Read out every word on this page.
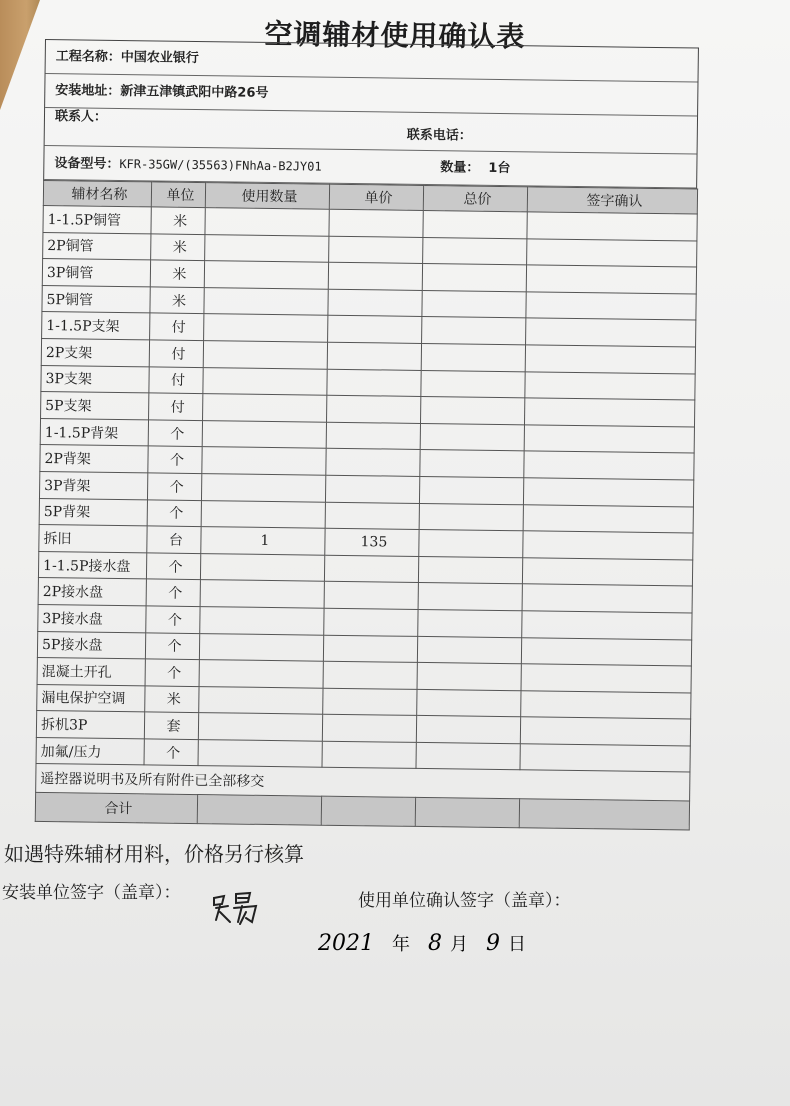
空调辅材使用确认表
工程名称：中国农业银行
安装地址：新津五津镇武阳中路26号
联系人：
联系电话：
设备型号：KFR-35GW/(35563)FNhAa-B2JY01	数量： 1台
辅材名称	单位	使用数量	单价	总价	签字确认
1-1.5P铜管	米				
2P铜管	米				
3P铜管	米				
5P铜管	米				
1-1.5P支架	付				
2P支架	付				
3P支架	付				
5P支架	付				
1-1.5P背架	个				
2P背架	个				
3P背架	个				
5P背架	个				
拆旧	台	1	135		
1-1.5P接水盘	个				
2P接水盘	个				
3P接水盘	个				
5P接水盘	个				
混凝土开孔	个				
漏电保护空调	米				
拆机3P	套				
加氟/压力	个				
遥控器说明书及所有附件已全部移交					
合计					
如遇特殊辅材用料，价格另行核算
安装单位签字（盖章）：	使用单位确认签字（盖章）：
2021 年 8 月 9 日
